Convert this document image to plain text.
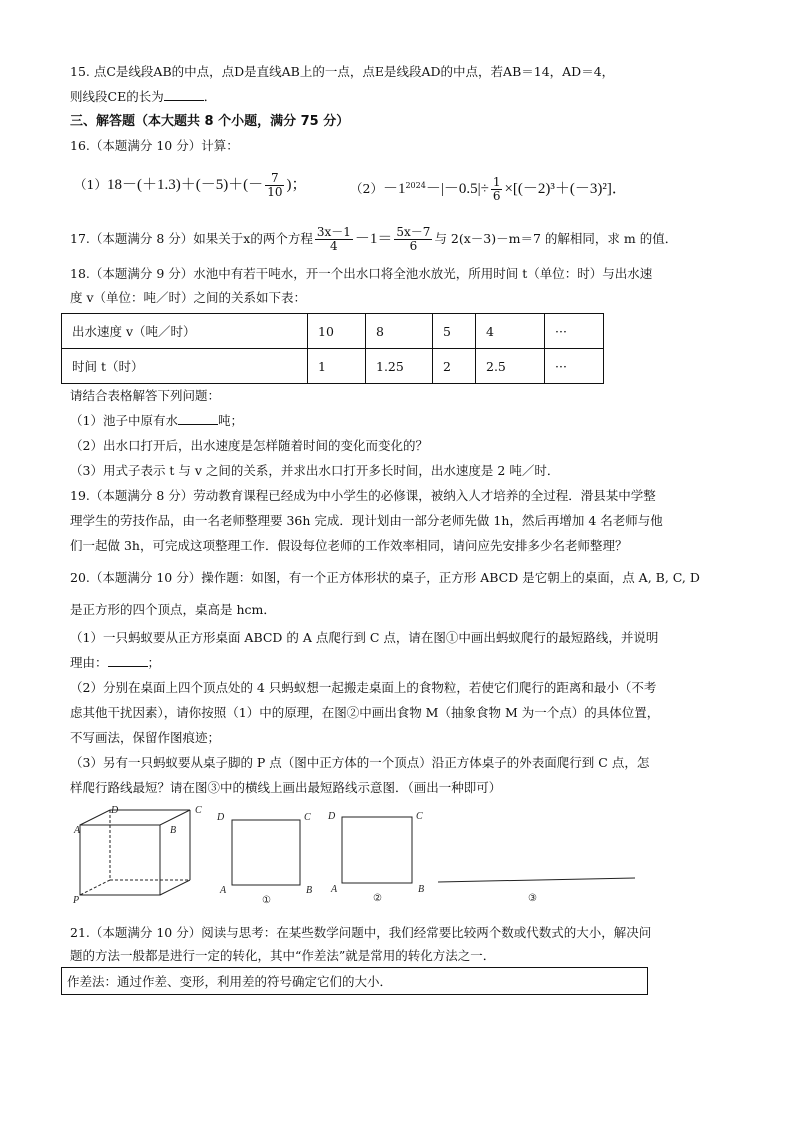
15. 点C是线段AB的中点，点D是直线AB上的一点，点E是线段AD的中点，若AB＝14，AD＝4，
则线段CE的长为	．
三、解答题（本大题共 8 个小题，满分 75 分）
16.（本题满分 10 分）计算：
$(1)18-(+1.3)+(-5)+(- \frac{7}{10}$ )；	$(2)-1^{2024}-|-0.5|\div \frac{1}{6} \times[(-2)^3+(-3)^2]$．
17.（本题满分 8 分）如果关于x的两个方程 $\frac{3x-1}{4} -1= \frac{5x-7}{6}$ 与 2(x－3)－m＝7 的解相同，求 m 的值．
18.（本题满分 9 分）水池中有若干吨水，开一个出水口将全池水放光，所用时间 t（单位：时）与出水速
度 v（单位：吨／时）之间的关系如下表：
出水速度 v（吨／时）	10	8	5	4	···
时间 t（时）	1	1.25	2	2.5	···
请结合表格解答下列问题：
（1）池子中原有水	吨；
（2）出水口打开后，出水速度是怎样随着时间的变化而变化的？
（3）用式子表示 t 与 v 之间的关系，并求出水口打开多长时间，出水速度是 2 吨／时．
19.（本题满分 8 分）劳动教育课程已经成为中小学生的必修课，被纳入人才培养的全过程．滑县某中学整
理学生的劳技作品，由一名老师整理要 36h 完成．现计划由一部分老师先做 1h，然后再增加 4 名老师与他
们一起做 3h，可完成这项整理工作．假设每位老师的工作效率相同，请问应先安排多少名老师整理？
20.（本题满分 10 分）操作题：如图，有一个正方体形状的桌子，正方形 ABCD 是它朝上的桌面，点 A, B, C, D
是正方形的四个顶点，桌高是 hcm．
（1）一只蚂蚁要从正方形桌面 ABCD 的 A 点爬行到 C 点，请在图①中画出蚂蚁爬行的最短路线，并说明
理由：	；
（2）分别在桌面上四个顶点处的 4 只蚂蚁想一起搬走桌面上的食物粒，若使它们爬行的距离和最小（不考
虑其他干扰因素），请你按照（1）中的原理，在图②中画出食物 M（抽象食物 M 为一个点）的具体位置，
不写画法，保留作图痕迹；
（3）另有一只蚂蚁要从桌子脚的 P 点（图中正方体的一个顶点）沿正方体桌子的外表面爬行到 C 点，怎
样爬行路线最短？请在图③中的横线上画出最短路线示意图．（画出一种即可）
D	C
A	B
P
D	C
A	B
①
D	C
A	B
②	③
21.（本题满分 10 分）阅读与思考：在某些数学问题中，我们经常要比较两个数或代数式的大小，解决问
题的方法一般都是进行一定的转化，其中“作差法”就是常用的转化方法之一．
作差法：通过作差、变形，利用差的符号确定它们的大小．
